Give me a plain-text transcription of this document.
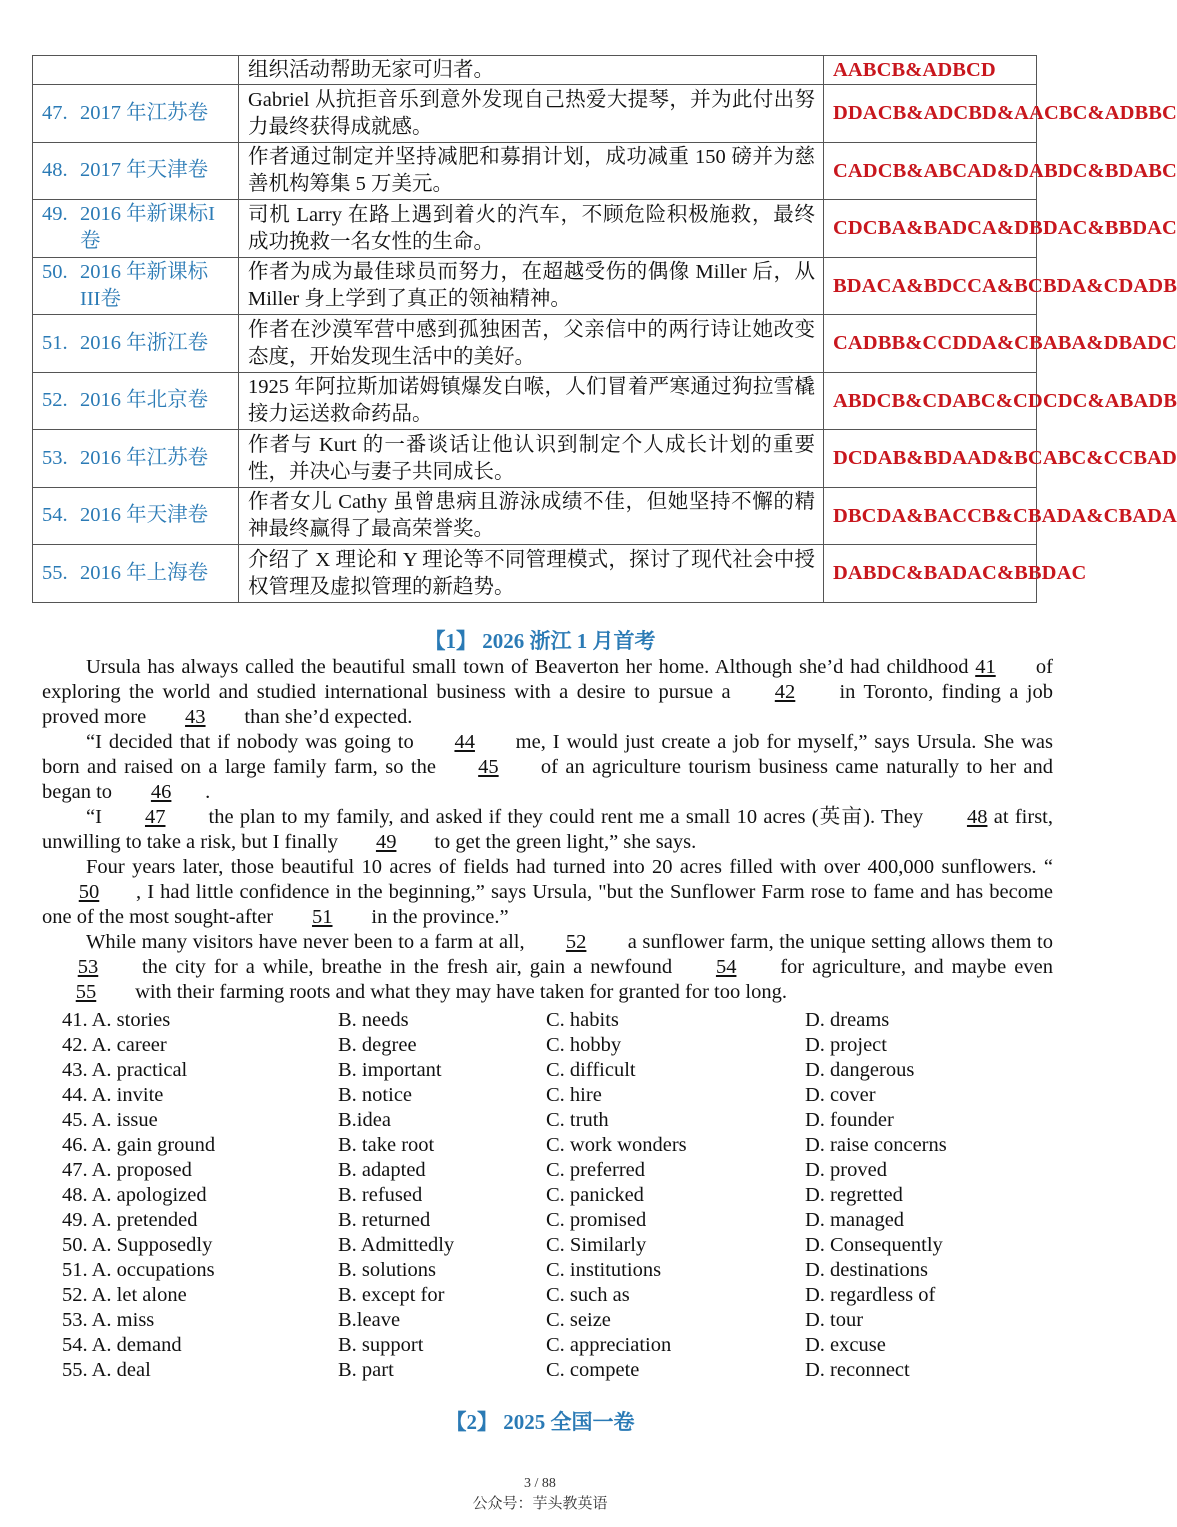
	组织活动帮助无家可归者。	AABCB&ADBCD
47. 2017 年江苏卷	Gabriel 从抗拒音乐到意外发现自己热爱大提琴，并为此付出努力最终获得成就感。	DDACB&ADCBD&AACBC&ADBBC
48. 2017 年天津卷	作者通过制定并坚持减肥和募捐计划，成功减重 150 磅并为慈善机构筹集 5 万美元。	CADCB&ABCAD&DABDC&BDABC
49. 2016 年新课标I
卷	司机 Larry 在路上遇到着火的汽车，不顾危险积极施救，最终成功挽救一名女性的生命。	CDCBA&BADCA&DBDAC&BBDAC
50. 2016 年新课标
III卷	作者为成为最佳球员而努力，在超越受伤的偶像 Miller 后，从 Miller 身上学到了真正的领袖精神。	BDACA&BDCCA&BCBDA&CDADB
51. 2016 年浙江卷	作者在沙漠军营中感到孤独困苦，父亲信中的两行诗让她改变态度，开始发现生活中的美好。	CADBB&CCDDA&CBABA&DBADC
52. 2016 年北京卷	1925 年阿拉斯加诺姆镇爆发白喉，人们冒着严寒通过狗拉雪橇接力运送救命药品。	ABDCB&CDABC&CDCDC&ABADB
53. 2016 年江苏卷	作者与 Kurt 的一番谈话让他认识到制定个人成长计划的重要性，并决心与妻子共同成长。	DCDAB&BDAAD&BCABC&CCBAD
54. 2016 年天津卷	作者女儿 Cathy 虽曾患病且游泳成绩不佳，但她坚持不懈的精神最终赢得了最高荣誉奖。	DBCDA&BACCB&CBADA&CBADA
55. 2016 年上海卷	介绍了 X 理论和 Y 理论等不同管理模式，探讨了现代社会中授权管理及虚拟管理的新趋势。	DABDC&BADAC&BBDAC
【1】 2026 浙江 1 月首考

Ursula has always called the beautiful small town of Beaverton her home. Although she’d had childhood 41 of exploring the world and studied international business with a desire to pursue a 42 in Toronto, finding a job proved more 43 than she’d expected.

“I decided that if nobody was going to 44 me, I would just create a job for myself,” says Ursula. She was born and raised on a large family farm, so the 45 of an agriculture tourism business came naturally to her and began to 46 .

“I 47 the plan to my family, and asked if they could rent me a small 10 acres (英亩). They 48 at first, unwilling to take a risk, but I finally 49 to get the green light,” she says.

Four years later, those beautiful 10 acres of fields had turned into 20 acres filled with over 400,000 sunflowers. “50 , I had little confidence in the beginning,” says Ursula, "but the Sunflower Farm rose to fame and has become one of the most sought-after 51 in the province.”

While many visitors have never been to a farm at all, 52 a sunflower farm, the unique setting allows them to 53 the city for a while, breathe in the fresh air, gain a newfound 54 for agriculture, and maybe even 55 with their farming roots and what they may have taken for granted for too long.

41. A. stories	B. needs	C. habits	D. dreams
42. A. career	B. degree	C. hobby	D. project
43. A. practical	B. important	C. difficult	D. dangerous
44. A. invite	B. notice	C. hire	D. cover
45. A. issue	B.idea	C. truth	D. founder
46. A. gain ground	B. take root	C. work wonders	D. raise concerns
47. A. proposed	B. adapted	C. preferred	D. proved
48. A. apologized	B. refused	C. panicked	D. regretted
49. A. pretended	B. returned	C. promised	D. managed
50. A. Supposedly	B. Admittedly	C. Similarly	D. Consequently
51. A. occupations	B. solutions	C. institutions	D. destinations
52. A. let alone	B. except for	C. such as	D. regardless of
53. A. miss	B.leave	C. seize	D. tour
54. A. demand	B. support	C. appreciation	D. excuse
55. A. deal	B. part	C. compete	D. reconnect
【2】 2025 全国一卷
3 / 88
公众号：芋头教英语
